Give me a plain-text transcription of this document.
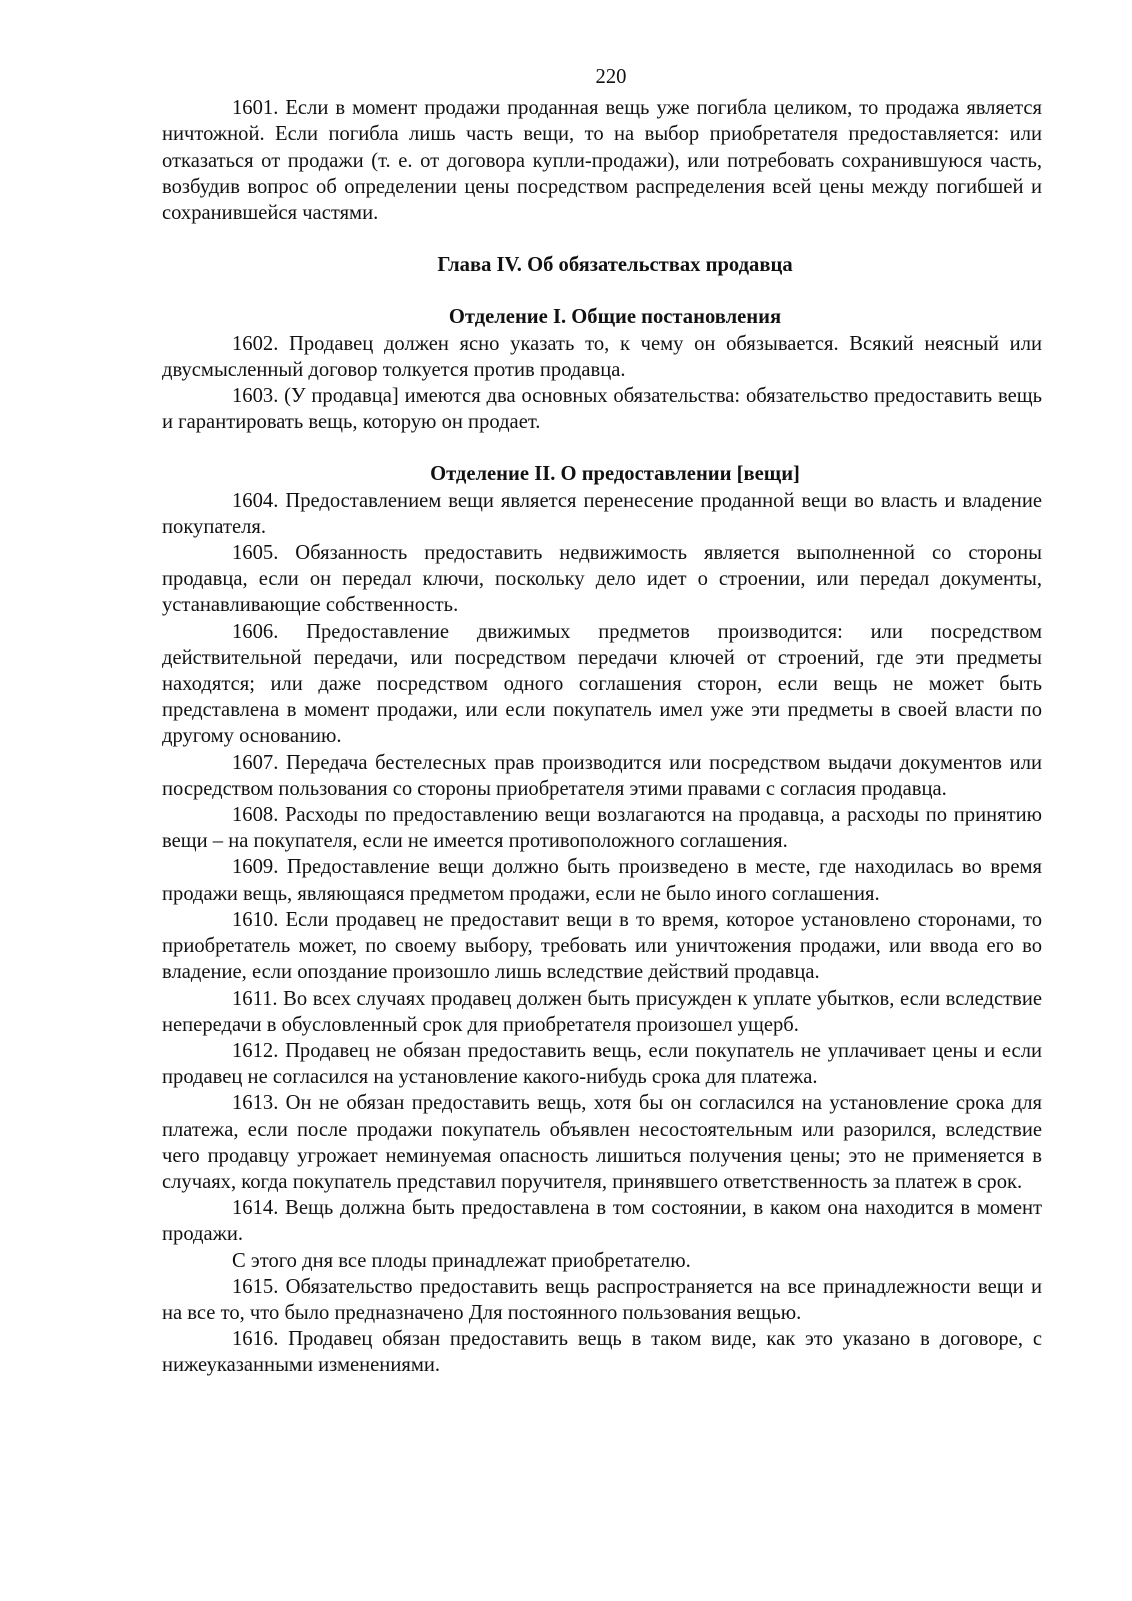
220

1601. Если в момент продажи проданная вещь уже погибла целиком, то продажа является ничтожной. Если погибла лишь часть вещи, то на выбор приобретателя предоставляется: или отказаться от продажи (т. е. от договора купли-продажи), или потребовать сохранившуюся часть, возбудив вопрос об определении цены посредством распределения всей цены между погибшей и сохранившейся частями.

Глава IV. Об обязательствах продавца
Отделение I. Общие постановления

1602. Продавец должен ясно указать то, к чему он обязывается. Всякий неясный или двусмысленный договор толкуется против продавца.

1603. (У продавца] имеются два основных обязательства: обязательство предоставить вещь и гарантировать вещь, которую он продает.

Отделение II. О предоставлении [вещи]

1604. Предоставлением вещи является перенесение проданной вещи во власть и владение покупателя.

1605. Обязанность предоставить недвижимость является выполненной со стороны продавца, если он передал ключи, поскольку дело идет о строении, или передал документы, устанавливающие собственность.

1606. Предоставление движимых предметов производится: или посредством действительной передачи, или посредством передачи ключей от строений, где эти предметы находятся; или даже посредством одного соглашения сторон, если вещь не может быть представлена в момент продажи, или если покупатель имел уже эти предметы в своей власти по другому основанию.

1607. Передача бестелесных прав производится или посредством выдачи документов или посредством пользования со стороны приобретателя этими правами с согласия продавца.

1608. Расходы по предоставлению вещи возлагаются на продавца, а расходы по принятию вещи – на покупателя, если не имеется противоположного соглашения.

1609. Предоставление вещи должно быть произведено в месте, где находилась во время продажи вещь, являющаяся предметом продажи, если не было иного соглашения.

1610. Если продавец не предоставит вещи в то время, которое установлено сторонами, то приобретатель может, по своему выбору, требовать или уничтожения продажи, или ввода его во владение, если опоздание произошло лишь вследствие действий продавца.

1611. Во всех случаях продавец должен быть присужден к уплате убытков, если вследствие непередачи в обусловленный срок для приобретателя произошел ущерб.

1612. Продавец не обязан предоставить вещь, если покупатель не уплачивает цены и если продавец не согласился на установление какого-нибудь срока для платежа.

1613. Он не обязан предоставить вещь, хотя бы он согласился на установление срока для платежа, если после продажи покупатель объявлен несостоятельным или разорился, вследствие чего продавцу угрожает неминуемая опасность лишиться получения цены; это не применяется в случаях, когда покупатель представил поручителя, принявшего ответственность за платеж в срок.

1614. Вещь должна быть предоставлена в том состоянии, в каком она находится в момент продажи.

С этого дня все плоды принадлежат приобретателю.

1615. Обязательство предоставить вещь распространяется на все принадлежности вещи и на все то, что было предназначено Для постоянного пользования вещью.

1616. Продавец обязан предоставить вещь в таком виде, как это указано в договоре, с нижеуказанными изменениями.
